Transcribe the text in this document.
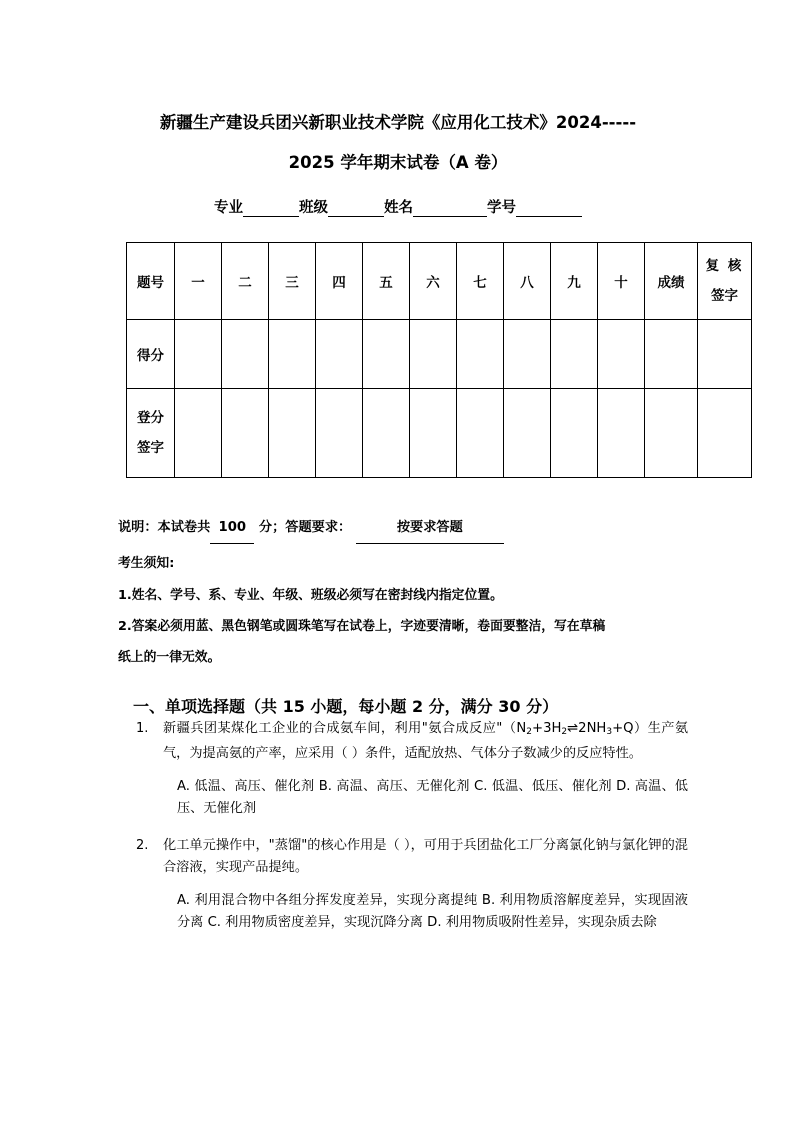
新疆生产建设兵团兴新职业技术学院《应用化工技术》2024-----
2025 学年期末试卷（A 卷）
专业	班级	姓名	学号
题号	一	二	三	四	五	六	七	八	九	十	成绩	复 核
签字

得分												

登分
签字												

说明：本试卷共 100 分；答题要求：	按要求答题
考生须知:
1.姓名、学号、系、专业、年级、班级必须写在密封线内指定位置。
2.答案必须用蓝、黑色钢笔或圆珠笔写在试卷上，字迹要清晰，卷面要整洁，写在草稿
纸上的一律无效。
一、单项选择题（共 15 小题，每小题 2 分，满分 30 分）
1. 新疆兵团某煤化工企业的合成氨车间，利用"氨合成反应"$(N_2+3H_2\rightleftharpoons 2NH_3+Q)$生产氨气，为提高氨的产率，应采用（ ）条件，适配放热、气体分子数减少的反应特性。
A. 低温、高压、催化剂 B. 高温、高压、无催化剂 C. 低温、低压、催化剂 D. 高温、低压、无催化剂
2. 化工单元操作中，"蒸馏"的核心作用是（ ），可用于兵团盐化工厂分离氯化钠与氯化钾的混合溶液，实现产品提纯。
A. 利用混合物中各组分挥发度差异，实现分离提纯 B. 利用物质溶解度差异，实现固液分离 C. 利用物质密度差异，实现沉降分离 D. 利用物质吸附性差异，实现杂质去除
